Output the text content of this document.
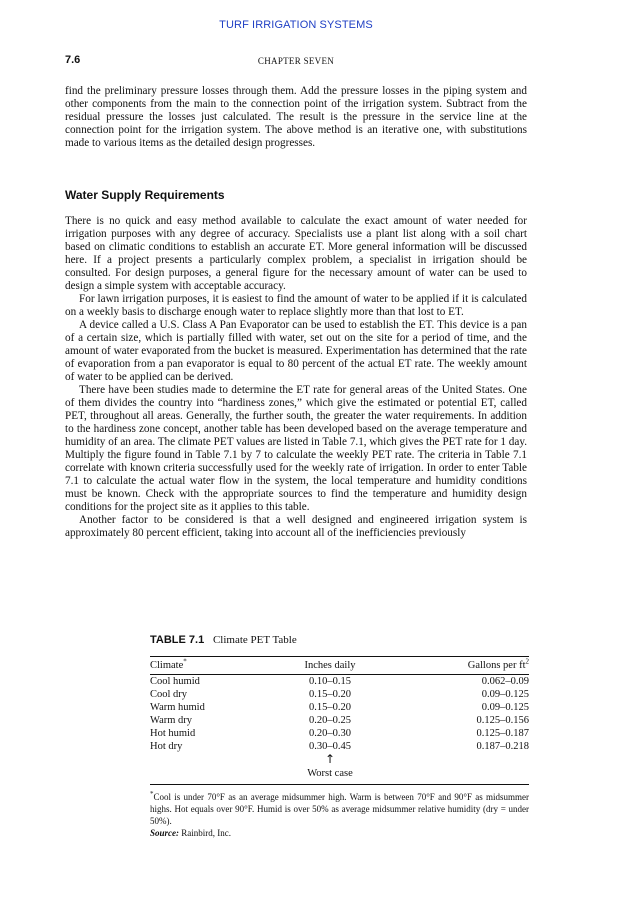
TURF IRRIGATION SYSTEMS
7.6	CHAPTER SEVEN

find the preliminary pressure losses through them. Add the pressure losses in the piping system and other components from the main to the connection point of the irrigation system. Subtract from the residual pressure the losses just calculated. The result is the pressure in the service line at the connection point for the irrigation system. The above method is an iterative one, with substitutions made to various items as the detailed design progresses.

Water Supply Requirements

There is no quick and easy method available to calculate the exact amount of water needed for irrigation purposes with any degree of accuracy. Specialists use a plant list along with a soil chart based on climatic conditions to establish an accurate ET. More general information will be discussed here. If a project presents a particularly complex problem, a specialist in irrigation should be consulted. For design purposes, a general figure for the necessary amount of water can be used to design a simple system with acceptable accuracy.

For lawn irrigation purposes, it is easiest to find the amount of water to be applied if it is calculated on a weekly basis to discharge enough water to replace slightly more than that lost to ET.

A device called a U.S. Class A Pan Evaporator can be used to establish the ET. This device is a pan of a certain size, which is partially filled with water, set out on the site for a period of time, and the amount of water evaporated from the bucket is measured. Experimentation has determined that the rate of evaporation from a pan evaporator is equal to 80 percent of the actual ET rate. The weekly amount of water to be applied can be derived.

There have been studies made to determine the ET rate for general areas of the United States. One of them divides the country into “hardiness zones,” which give the estimated or potential ET, called PET, throughout all areas. Generally, the further south, the greater the water requirements. In addition to the hardiness zone concept, another table has been developed based on the average temperature and humidity of an area. The climate PET values are listed in Table 7.1, which gives the PET rate for 1 day. Multiply the figure found in Table 7.1 by 7 to calculate the weekly PET rate. The criteria in Table 7.1 correlate with known criteria successfully used for the weekly rate of irrigation. In order to enter Table 7.1 to calculate the actual water flow in the system, the local temperature and humidity conditions must be known. Check with the appropriate sources to find the temperature and humidity design conditions for the project site as it applies to this table.

Another factor to be considered is that a well designed and engineered irrigation system is approximately 80 percent efficient, taking into account all of the inefficiencies previously

TABLE 7.1 Climate PET Table
Climate*	Inches daily	Gallons per $ft^2$

Cool humid	0.10–0.15	0.062–0.09
Cool dry	0.15–0.20	0.09–0.125
Warm humid	0.15–0.20	0.09–0.125
Warm dry	0.20–0.25	0.125–0.156
Hot humid	0.20–0.30	0.125–0.187
Hot dry	0.30–0.45	0.187–0.218
	↑	
	Worst case	

*Cool is under 70°F as an average midsummer high. Warm is between 70°F and 90°F as midsummer highs. Hot equals over 90°F. Humid is over 50% as average midsummer relative humidity (dry = under 50%).

Source: Rainbird, Inc.
